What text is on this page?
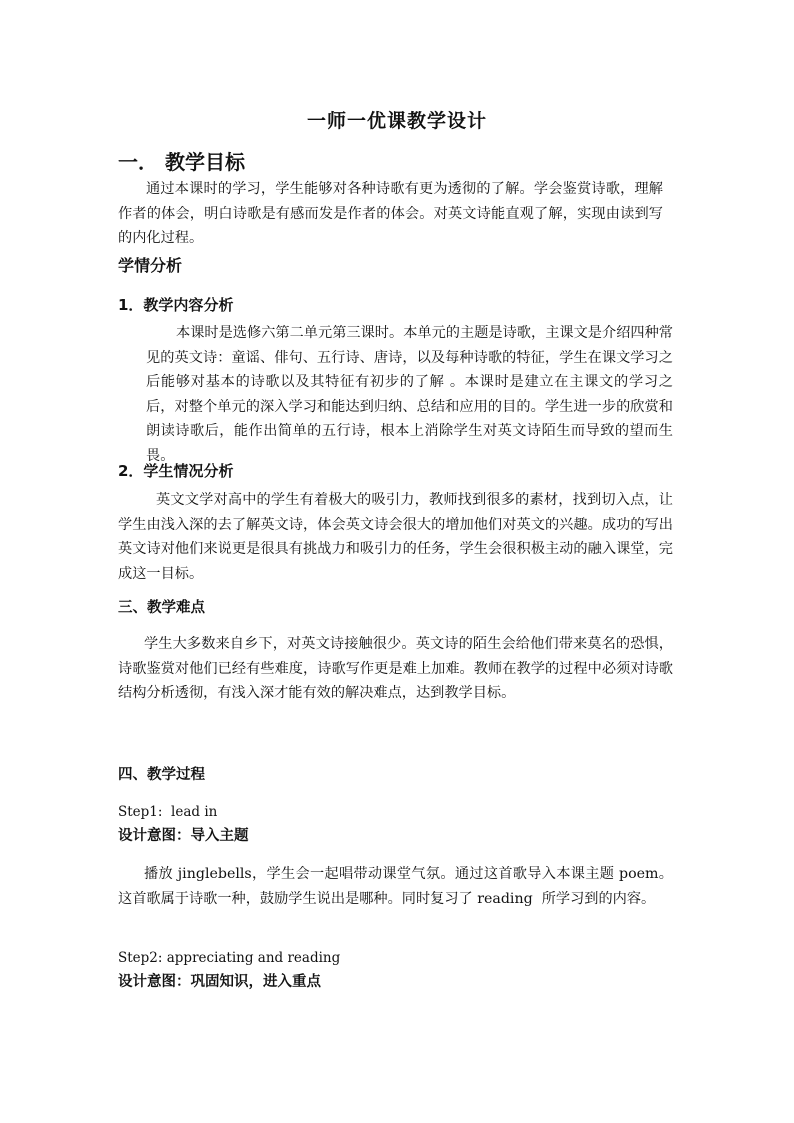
一师一优课教学设计
一． 教学目标

通过本课时的学习，学生能够对各种诗歌有更为透彻的了解。学会鉴赏诗歌，理解作者的体会，明白诗歌是有感而发是作者的体会。对英文诗能直观了解，实现由读到写的内化过程。

学情分析
1．教学内容分析

本课时是选修六第二单元第三课时。本单元的主题是诗歌，主课文是介绍四种常见的英文诗：童谣、俳句、五行诗、唐诗，以及每种诗歌的特征，学生在课文学习之后能够对基本的诗歌以及其特征有初步的了解 。本课时是建立在主课文的学习之后，对整个单元的深入学习和能达到归纳、总结和应用的目的。学生进一步的欣赏和朗读诗歌后，能作出简单的五行诗，根本上消除学生对英文诗陌生而导致的望而生畏。

2．学生情况分析

英文文学对高中的学生有着极大的吸引力，教师找到很多的素材，找到切入点，让学生由浅入深的去了解英文诗，体会英文诗会很大的增加他们对英文的兴趣。成功的写出英文诗对他们来说更是很具有挑战力和吸引力的任务，学生会很积极主动的融入课堂，完成这一目标。

三、教学难点

学生大多数来自乡下，对英文诗接触很少。英文诗的陌生会给他们带来莫名的恐惧，诗歌鉴赏对他们已经有些难度，诗歌写作更是难上加难。教师在教学的过程中必须对诗歌结构分析透彻，有浅入深才能有效的解决难点，达到教学目标。

四、教学过程
Step1:  lead in
设计意图：导入主题

播放 jinglebells，学生会一起唱带动课堂气氛。通过这首歌导入本课主题 poem。这首歌属于诗歌一种，鼓励学生说出是哪种。同时复习了 reading  所学习到的内容。

Step2: appreciating and reading
设计意图：巩固知识，进入重点
